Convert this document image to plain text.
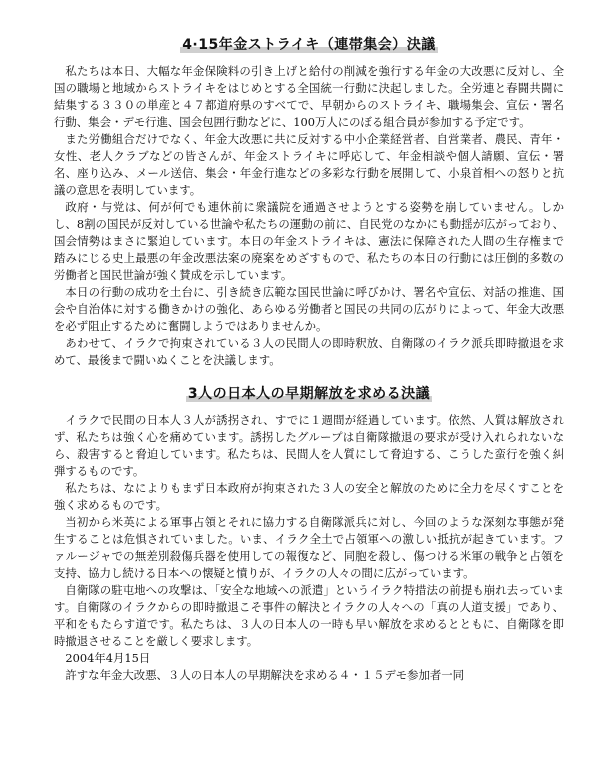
4·15年金ストライキ（連帯集会）決議

私たちは本日、大幅な年金保険料の引き上げと給付の削減を強行する年金の大改悪に反対し、全国の職場と地域からストライキをはじめとする全国統一行動に決起しました。全労連と春闘共闘に結集する３３０の単産と４７都道府県のすべてで、早朝からのストライキ、職場集会、宣伝・署名行動、集会・デモ行進、国会包囲行動などに、100万人にのぼる組合員が参加する予定です。

また労働組合だけでなく、年金大改悪に共に反対する中小企業経営者、自営業者、農民、青年・女性、老人クラブなどの皆さんが、年金ストライキに呼応して、年金相談や個人請願、宣伝・署名、座り込み、メール送信、集会・年金行進などの多彩な行動を展開して、小泉首相への怒りと抗議の意思を表明しています。

政府・与党は、何が何でも連休前に衆議院を通過させようとする姿勢を崩していません。しかし、8割の国民が反対している世論や私たちの運動の前に、自民党のなかにも動揺が広がっており、国会情勢はまさに緊迫しています。本日の年金ストライキは、憲法に保障された人間の生存権まで踏みにじる史上最悪の年金改悪法案の廃案をめざすもので、私たちの本日の行動には圧倒的多数の労働者と国民世論が強く賛成を示しています。

本日の行動の成功を土台に、引き続き広範な国民世論に呼びかけ、署名や宣伝、対話の推進、国会や自治体に対する働きかけの強化、あらゆる労働者と国民の共同の広がりによって、年金大改悪を必ず阻止するために奮闘しようではありませんか。

あわせて、イラクで拘束されている３人の民間人の即時釈放、自衛隊のイラク派兵即時撤退を求めて、最後まで闘いぬくことを決議します。

3人の日本人の早期解放を求める決議

イラクで民間の日本人３人が誘拐され、すでに１週間が経過しています。依然、人質は解放されず、私たちは強く心を痛めています。誘拐したグループは自衛隊撤退の要求が受け入れられないなら、殺害すると脅迫しています。私たちは、民間人を人質にして脅迫する、こうした蛮行を強く糾弾するものです。

私たちは、なによりもまず日本政府が拘束された３人の安全と解放のために全力を尽くすことを強く求めるものです。

当初から米英による軍事占領とそれに協力する自衛隊派兵に対し、今回のような深刻な事態が発生することは危惧されていました。いま、イラク全土で占領軍への激しい抵抗が起きています。ファルージャでの無差別殺傷兵器を使用しての報復など、同胞を殺し、傷つける米軍の戦争と占領を支持、協力し続ける日本への懐疑と憤りが、イラクの人々の間に広がっています。

自衛隊の駐屯地への攻撃は、「安全な地域への派遣」というイラク特措法の前提も崩れ去っています。自衛隊のイラクからの即時撤退こそ事件の解決とイラクの人々への「真の人道支援」であり、平和をもたらす道です。私たちは、３人の日本人の一時も早い解放を求めるとともに、自衛隊を即時撤退させることを厳しく要求します。

2004年4月15日

許すな年金大改悪、３人の日本人の早期解決を求める４・１５デモ参加者一同
